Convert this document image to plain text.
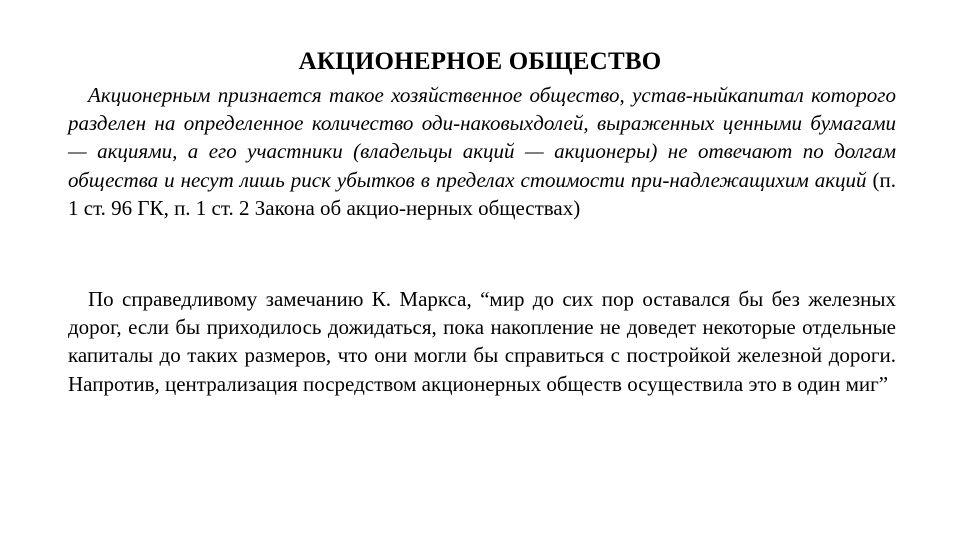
АКЦИОНЕРНОЕ ОБЩЕСТВО

Акционерным признается такое хозяйственное общество, устав-ныйкапитал которого разделен на определенное количество оди-наковыхдолей, выраженных ценными бумагами — акциями, а его участники (владельцы акций — акционеры) не отвечают по долгам общества и несут лишь риск убытков в пределах стоимости при-надлежащихим акций (п. 1 ст. 96 ГК, п. 1 ст. 2 Закона об акцио-нерных обществах)

По справедливому замечанию К. Маркса, “мир до сих пор оставался бы без железных дорог, если бы приходилось дожидаться, пока накопление не доведет некоторые отдельные капиталы до таких размеров, что они могли бы справиться с постройкой железной дороги. Напротив, централизация посредством акционерных обществ осуществила это в один миг”
